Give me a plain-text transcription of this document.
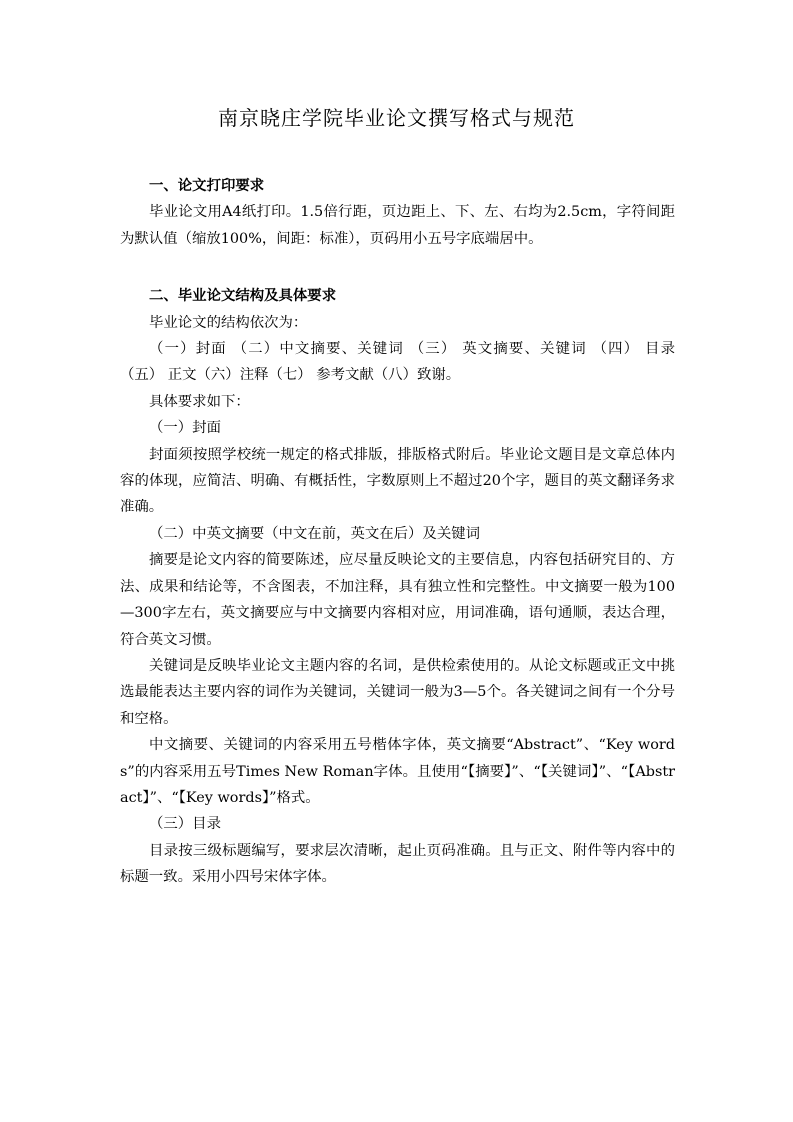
南京晓庄学院毕业论文撰写格式与规范
一、论文打印要求

毕业论文用A4纸打印。1.5倍行距，页边距上、下、左、右均为2.5cm，字符间距为默认值（缩放100%，间距：标准），页码用小五号字底端居中。

二、毕业论文结构及具体要求
毕业论文的结构依次为：

（一）封面 （二）中文摘要、关键词 （三） 英文摘要、关键词 （四） 目录 （五） 正文（六）注释（七） 参考文献（八）致谢。

具体要求如下：
（一）封面

封面须按照学校统一规定的格式排版，排版格式附后。毕业论文题目是文章总体内容的体现，应简洁、明确、有概括性，字数原则上不超过20个字，题目的英文翻译务求准确。

（二）中英文摘要（中文在前，英文在后）及关键词

摘要是论文内容的简要陈述，应尽量反映论文的主要信息，内容包括研究目的、方法、成果和结论等，不含图表，不加注释，具有独立性和完整性。中文摘要一般为100—300字左右，英文摘要应与中文摘要内容相对应，用词准确，语句通顺，表达合理，符合英文习惯。

关键词是反映毕业论文主题内容的名词，是供检索使用的。从论文标题或正文中挑选最能表达主要内容的词作为关键词，关键词一般为3—5个。各关键词之间有一个分号和空格。

中文摘要、关键词的内容采用五号楷体字体，英文摘要“Abstract”、“Key words”的内容采用五号Times New Roman字体。且使用“【摘要】”、“【关键词】”、“【Abstract】”、“【Key words】”格式。

（三）目录

目录按三级标题编写，要求层次清晰，起止页码准确。且与正文、附件等内容中的标题一致。采用小四号宋体字体。
